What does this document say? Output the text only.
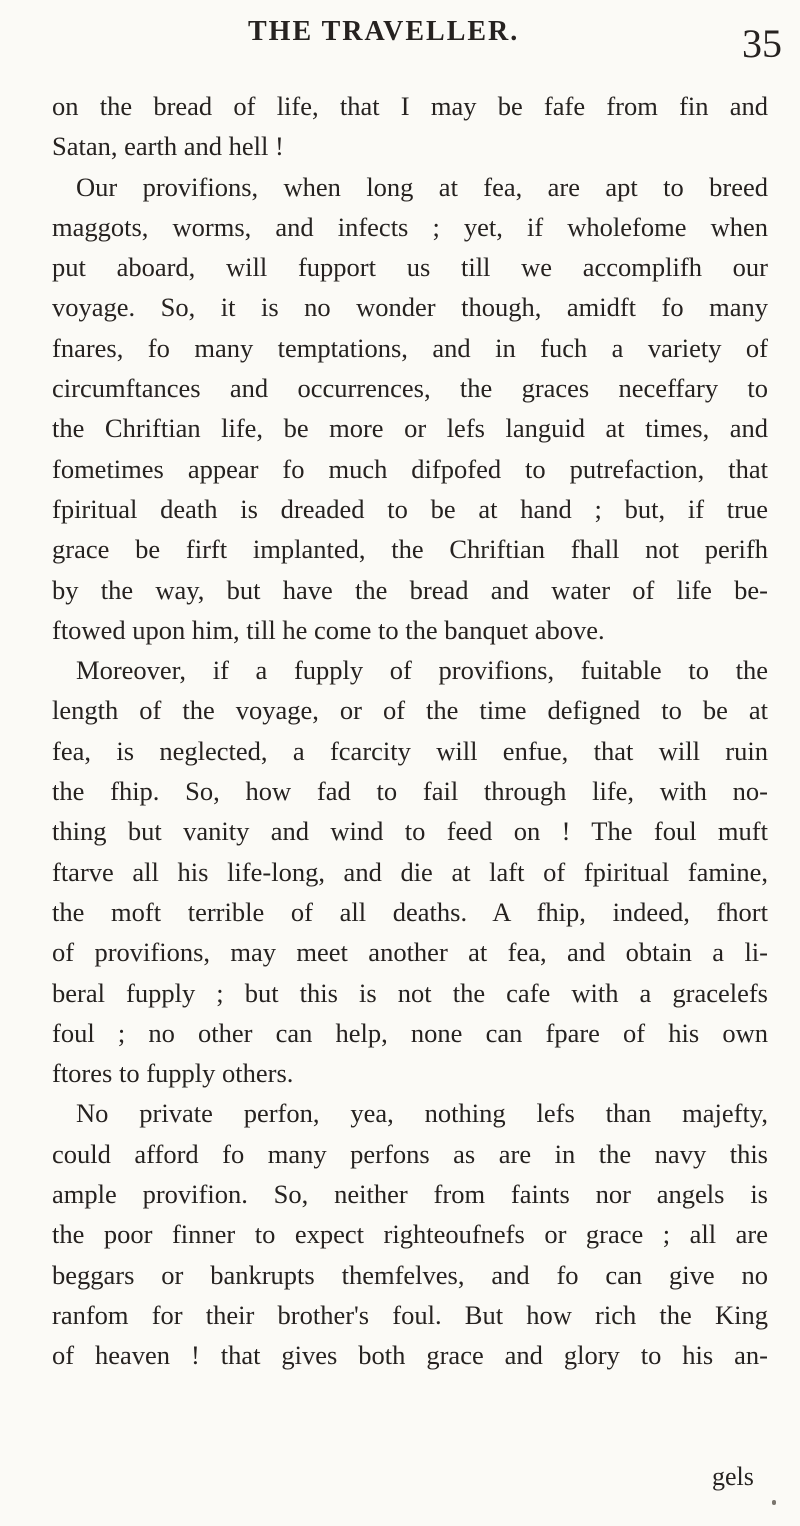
THE TRAVELLER.	35
on the bread of life, that I may be fafe from fin and
Satan, earth and hell !
Our provifions, when long at fea, are apt to breed
maggots, worms, and infects ; yet, if wholefome when
put aboard, will fupport us till we accomplifh our
voyage. So, it is no wonder though, amidft fo many
fnares, fo many temptations, and in fuch a variety of
circumftances and occurrences, the graces neceffary to
the Chriftian life, be more or lefs languid at times, and
fometimes appear fo much difpofed to putrefaction, that
fpiritual death is dreaded to be at hand ; but, if true
grace be firft implanted, the Chriftian fhall not perifh
by the way, but have the bread and water of life be-
ftowed upon him, till he come to the banquet above.
Moreover, if a fupply of provifions, fuitable to the
length of the voyage, or of the time defigned to be at
fea, is neglected, a fcarcity will enfue, that will ruin
the fhip. So, how fad to fail through life, with no-
thing but vanity and wind to feed on ! The foul muft
ftarve all his life-long, and die at laft of fpiritual famine,
the moft terrible of all deaths. A fhip, indeed, fhort
of provifions, may meet another at fea, and obtain a li-
beral fupply ; but this is not the cafe with a gracelefs
foul ; no other can help, none can fpare of his own
ftores to fupply others.
No private perfon, yea, nothing lefs than majefty,
could afford fo many perfons as are in the navy this
ample provifion. So, neither from faints nor angels is
the poor finner to expect righteoufnefs or grace ; all are
beggars or bankrupts themfelves, and fo can give no
ranfom for their brother's foul. But how rich the King
of heaven ! that gives both grace and glory to his an-
gels
